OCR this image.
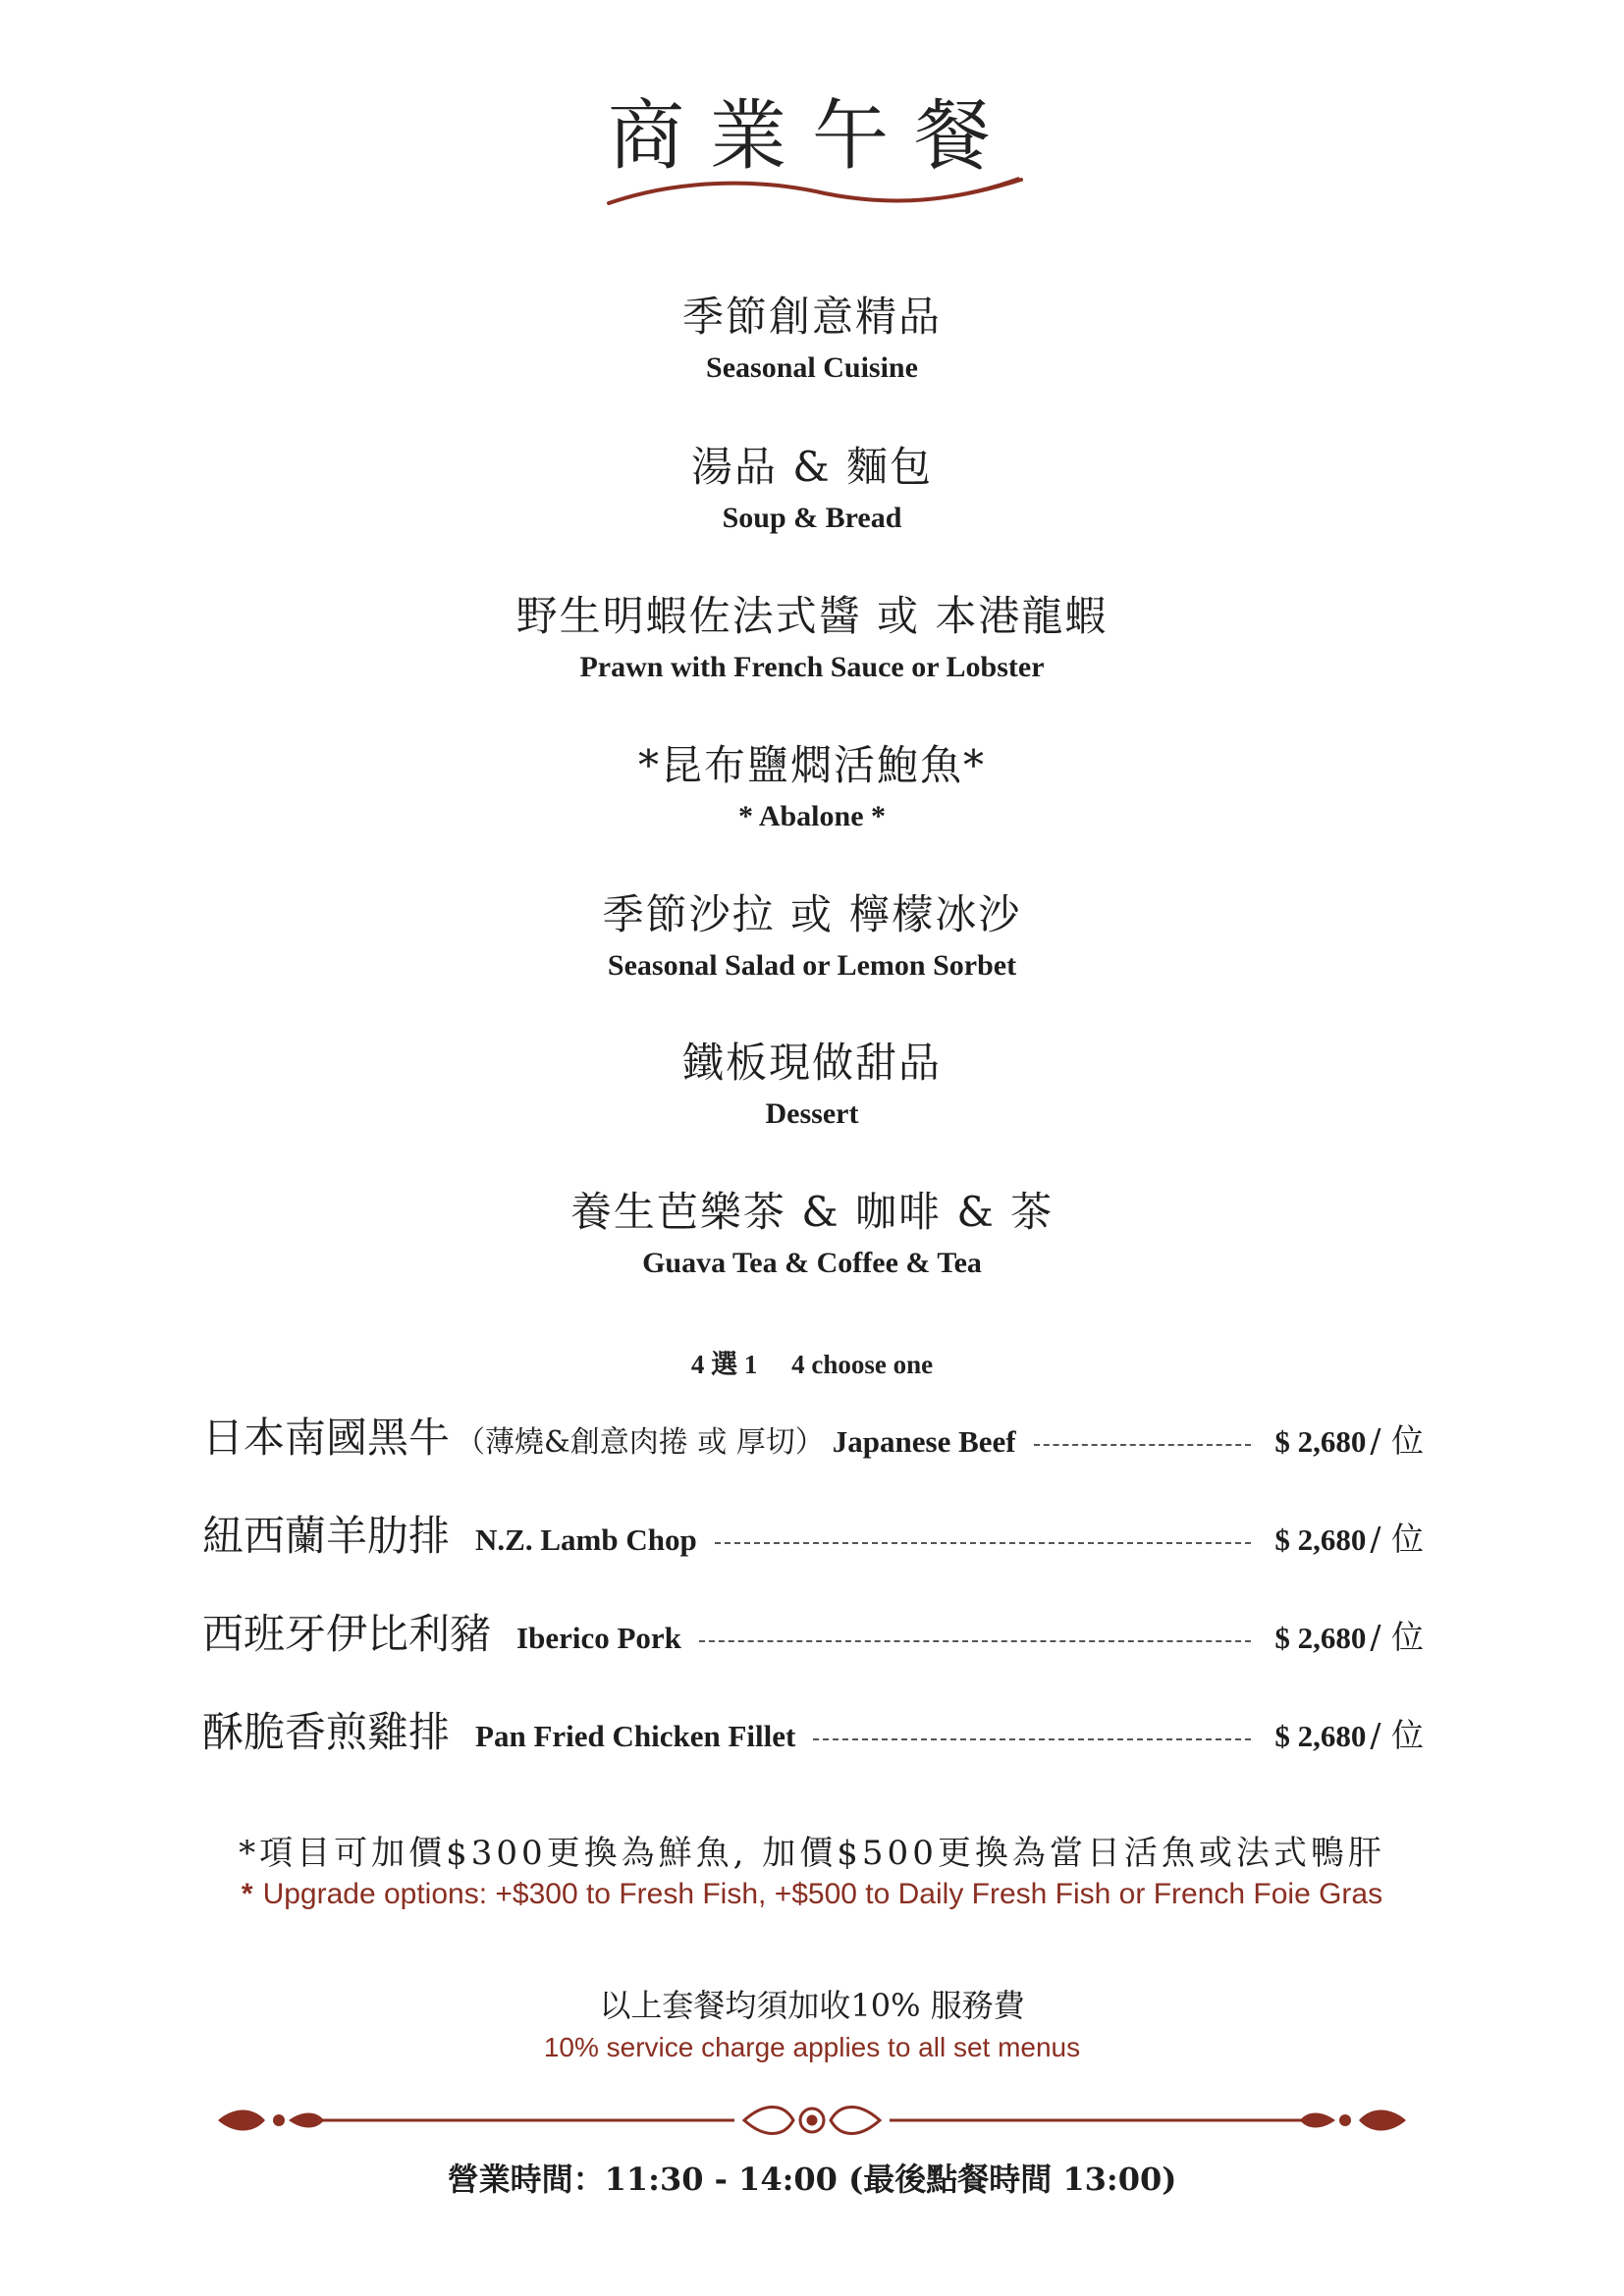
商業午餐
季節創意精品
Seasonal Cuisine
湯品 & 麵包
Soup & Bread
野生明蝦佐法式醬 或 本港龍蝦
Prawn with French Sauce or Lobster
*昆布鹽燜活鮑魚*
* Abalone *
季節沙拉 或 檸檬冰沙
Seasonal Salad or Lemon Sorbet
鐵板現做甜品
Dessert
養生芭樂茶 & 咖啡 & 茶
Guava Tea & Coffee & Tea
4 選 1 4 choose one
日本南國黑牛 （薄燒&創意肉捲 或 厚切） Japanese Beef	$ 2,680 / 位
紐西蘭羊肋排 N.Z. Lamb Chop	$ 2,680 / 位
西班牙伊比利豬 Iberico Pork	$ 2,680 / 位
酥脆香煎雞排 Pan Fried Chicken Fillet	$ 2,680 / 位
*項目可加價$300更換為鮮魚, 加價$500更換為當日活魚或法式鴨肝
* Upgrade options: +$300 to Fresh Fish, +$500 to Daily Fresh Fish or French Foie Gras
以上套餐均須加收10% 服務費
10% service charge applies to all set menus
營業時間：11:30 - 14:00 (最後點餐時間 13:00)
